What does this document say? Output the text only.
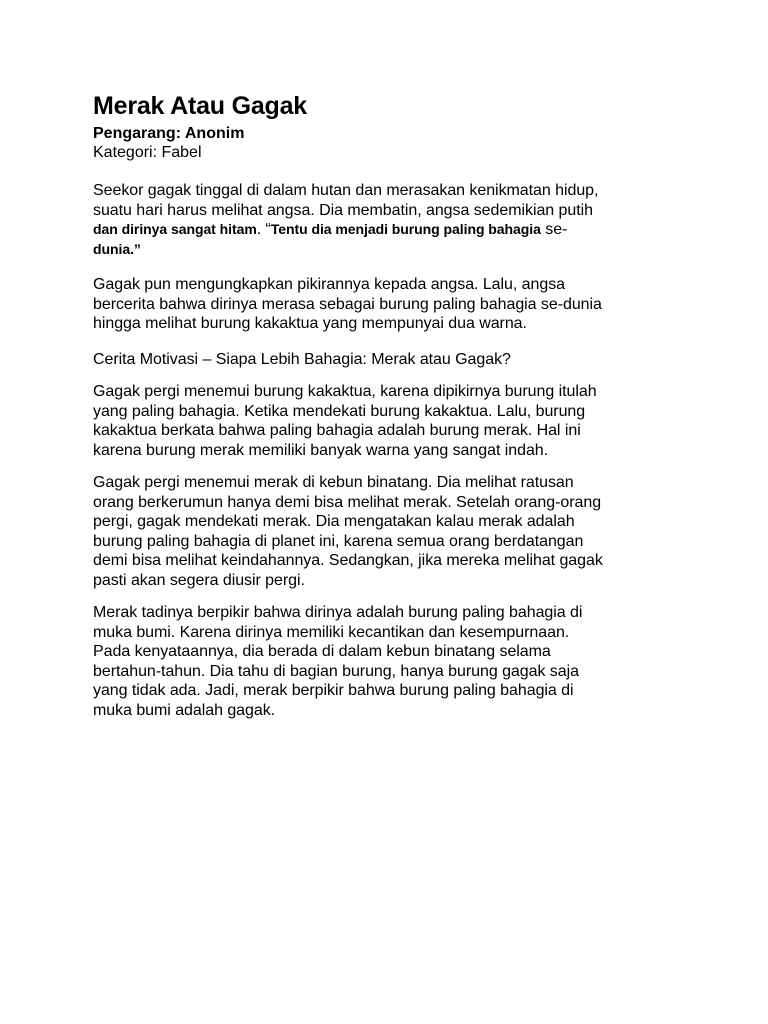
Merak Atau Gagak
Pengarang: Anonim
Kategori: Fabel
Seekor gagak tinggal di dalam hutan dan merasakan kenikmatan hidup,
suatu hari harus melihat angsa. Dia membatin, angsa sedemikian putih
dan dirinya sangat hitam. “Tentu dia menjadi burung paling bahagia se-
dunia.”
Gagak pun mengungkapkan pikirannya kepada angsa. Lalu, angsa
bercerita bahwa dirinya merasa sebagai burung paling bahagia se-dunia
hingga melihat burung kakaktua yang mempunyai dua warna.
Cerita Motivasi – Siapa Lebih Bahagia: Merak atau Gagak?
Gagak pergi menemui burung kakaktua, karena dipikirnya burung itulah
yang paling bahagia. Ketika mendekati burung kakaktua. Lalu, burung
kakaktua berkata bahwa paling bahagia adalah burung merak. Hal ini
karena burung merak memiliki banyak warna yang sangat indah.
Gagak pergi menemui merak di kebun binatang. Dia melihat ratusan
orang berkerumun hanya demi bisa melihat merak. Setelah orang-orang
pergi, gagak mendekati merak. Dia mengatakan kalau merak adalah
burung paling bahagia di planet ini, karena semua orang berdatangan
demi bisa melihat keindahannya. Sedangkan, jika mereka melihat gagak
pasti akan segera diusir pergi.
Merak tadinya berpikir bahwa dirinya adalah burung paling bahagia di
muka bumi. Karena dirinya memiliki kecantikan dan kesempurnaan.
Pada kenyataannya, dia berada di dalam kebun binatang selama
bertahun-tahun. Dia tahu di bagian burung, hanya burung gagak saja
yang tidak ada. Jadi, merak berpikir bahwa burung paling bahagia di
muka bumi adalah gagak.
